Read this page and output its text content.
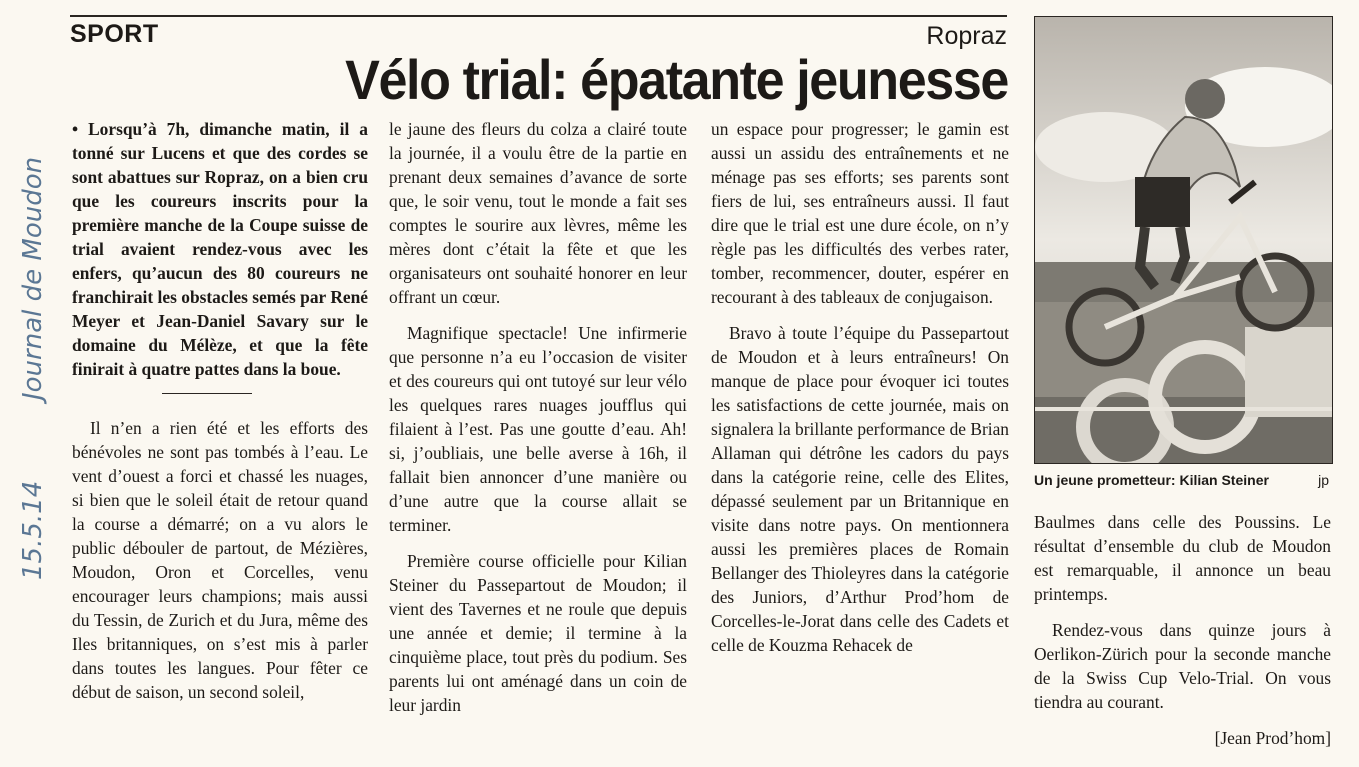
SPORT	Ropraz
Vélo trial: épatante jeunesse
15.5.14
Journal de Moudon

• Lorsqu’à 7h, dimanche matin, il a tonné sur Lucens et que des cordes se sont abattues sur Ropraz, on a bien cru que les coureurs inscrits pour la première manche de la Coupe suisse de trial avaient rendez-vous avec les enfers, qu’aucun des 80 coureurs ne franchirait les obstacles semés par René Meyer et Jean-Daniel Savary sur le domaine du Mélèze, et que la fête finirait à quatre pattes dans la boue.

Il n’en a rien été et les efforts des bénévoles ne sont pas tombés à l’eau. Le vent d’ouest a forci et chassé les nuages, si bien que le soleil était de retour quand la course a démarré; on a vu alors le public débouler de partout, de Mézières, Moudon, Oron et Corcelles, venu encourager leurs champions; mais aussi du Tessin, de Zurich et du Jura, même des Iles britanniques, on s’est mis à parler dans toutes les langues. Pour fêter ce début de saison, un second soleil,

le jaune des fleurs du colza a clairé toute la journée, il a voulu être de la partie en prenant deux semaines d’avance de sorte que, le soir venu, tout le monde a fait ses comptes le sourire aux lèvres, même les mères dont c’était la fête et que les organisateurs ont souhaité honorer en leur offrant un cœur.

Magnifique spectacle! Une infirmerie que personne n’a eu l’occasion de visiter et des coureurs qui ont tutoyé sur leur vélo les quelques rares nuages joufflus qui filaient à l’est. Pas une goutte d’eau. Ah! si, j’oubliais, une belle averse à 16h, il fallait bien annoncer d’une manière ou d’une autre que la course allait se terminer.

Première course officielle pour Kilian Steiner du Passepartout de Moudon; il vient des Tavernes et ne roule que depuis une année et demie; il termine à la cinquième place, tout près du podium. Ses parents lui ont aménagé dans un coin de leur jardin

un espace pour progresser; le gamin est aussi un assidu des entraînements et ne ménage pas ses efforts; ses parents sont fiers de lui, ses entraîneurs aussi. Il faut dire que le trial est une dure école, on n’y règle pas les difficultés des verbes rater, tomber, recommencer, douter, espérer en recourant à des tableaux de conjugaison.

Bravo à toute l’équipe du Passepartout de Moudon et à leurs entraîneurs! On manque de place pour évoquer ici toutes les satisfactions de cette journée, mais on signalera la brillante performance de Brian Allaman qui détrône les cadors du pays dans la catégorie reine, celle des Elites, dépassé seulement par un Britannique en visite dans notre pays. On mentionnera aussi les premières places de Romain Bellanger des Thioleyres dans la catégorie des Juniors, d’Arthur Prod’hom de Corcelles-le-Jorat dans celle des Cadets et celle de Kouzma Rehacek de

Un jeune prometteur: Kilian Steiner	jp

Baulmes dans celle des Poussins. Le résultat d’ensemble du club de Moudon est remarquable, il annonce un beau printemps.

Rendez-vous dans quinze jours à Oerlikon-Zürich pour la seconde manche de la Swiss Cup Velo-Trial. On vous tiendra au courant.

[Jean Prod’hom]
